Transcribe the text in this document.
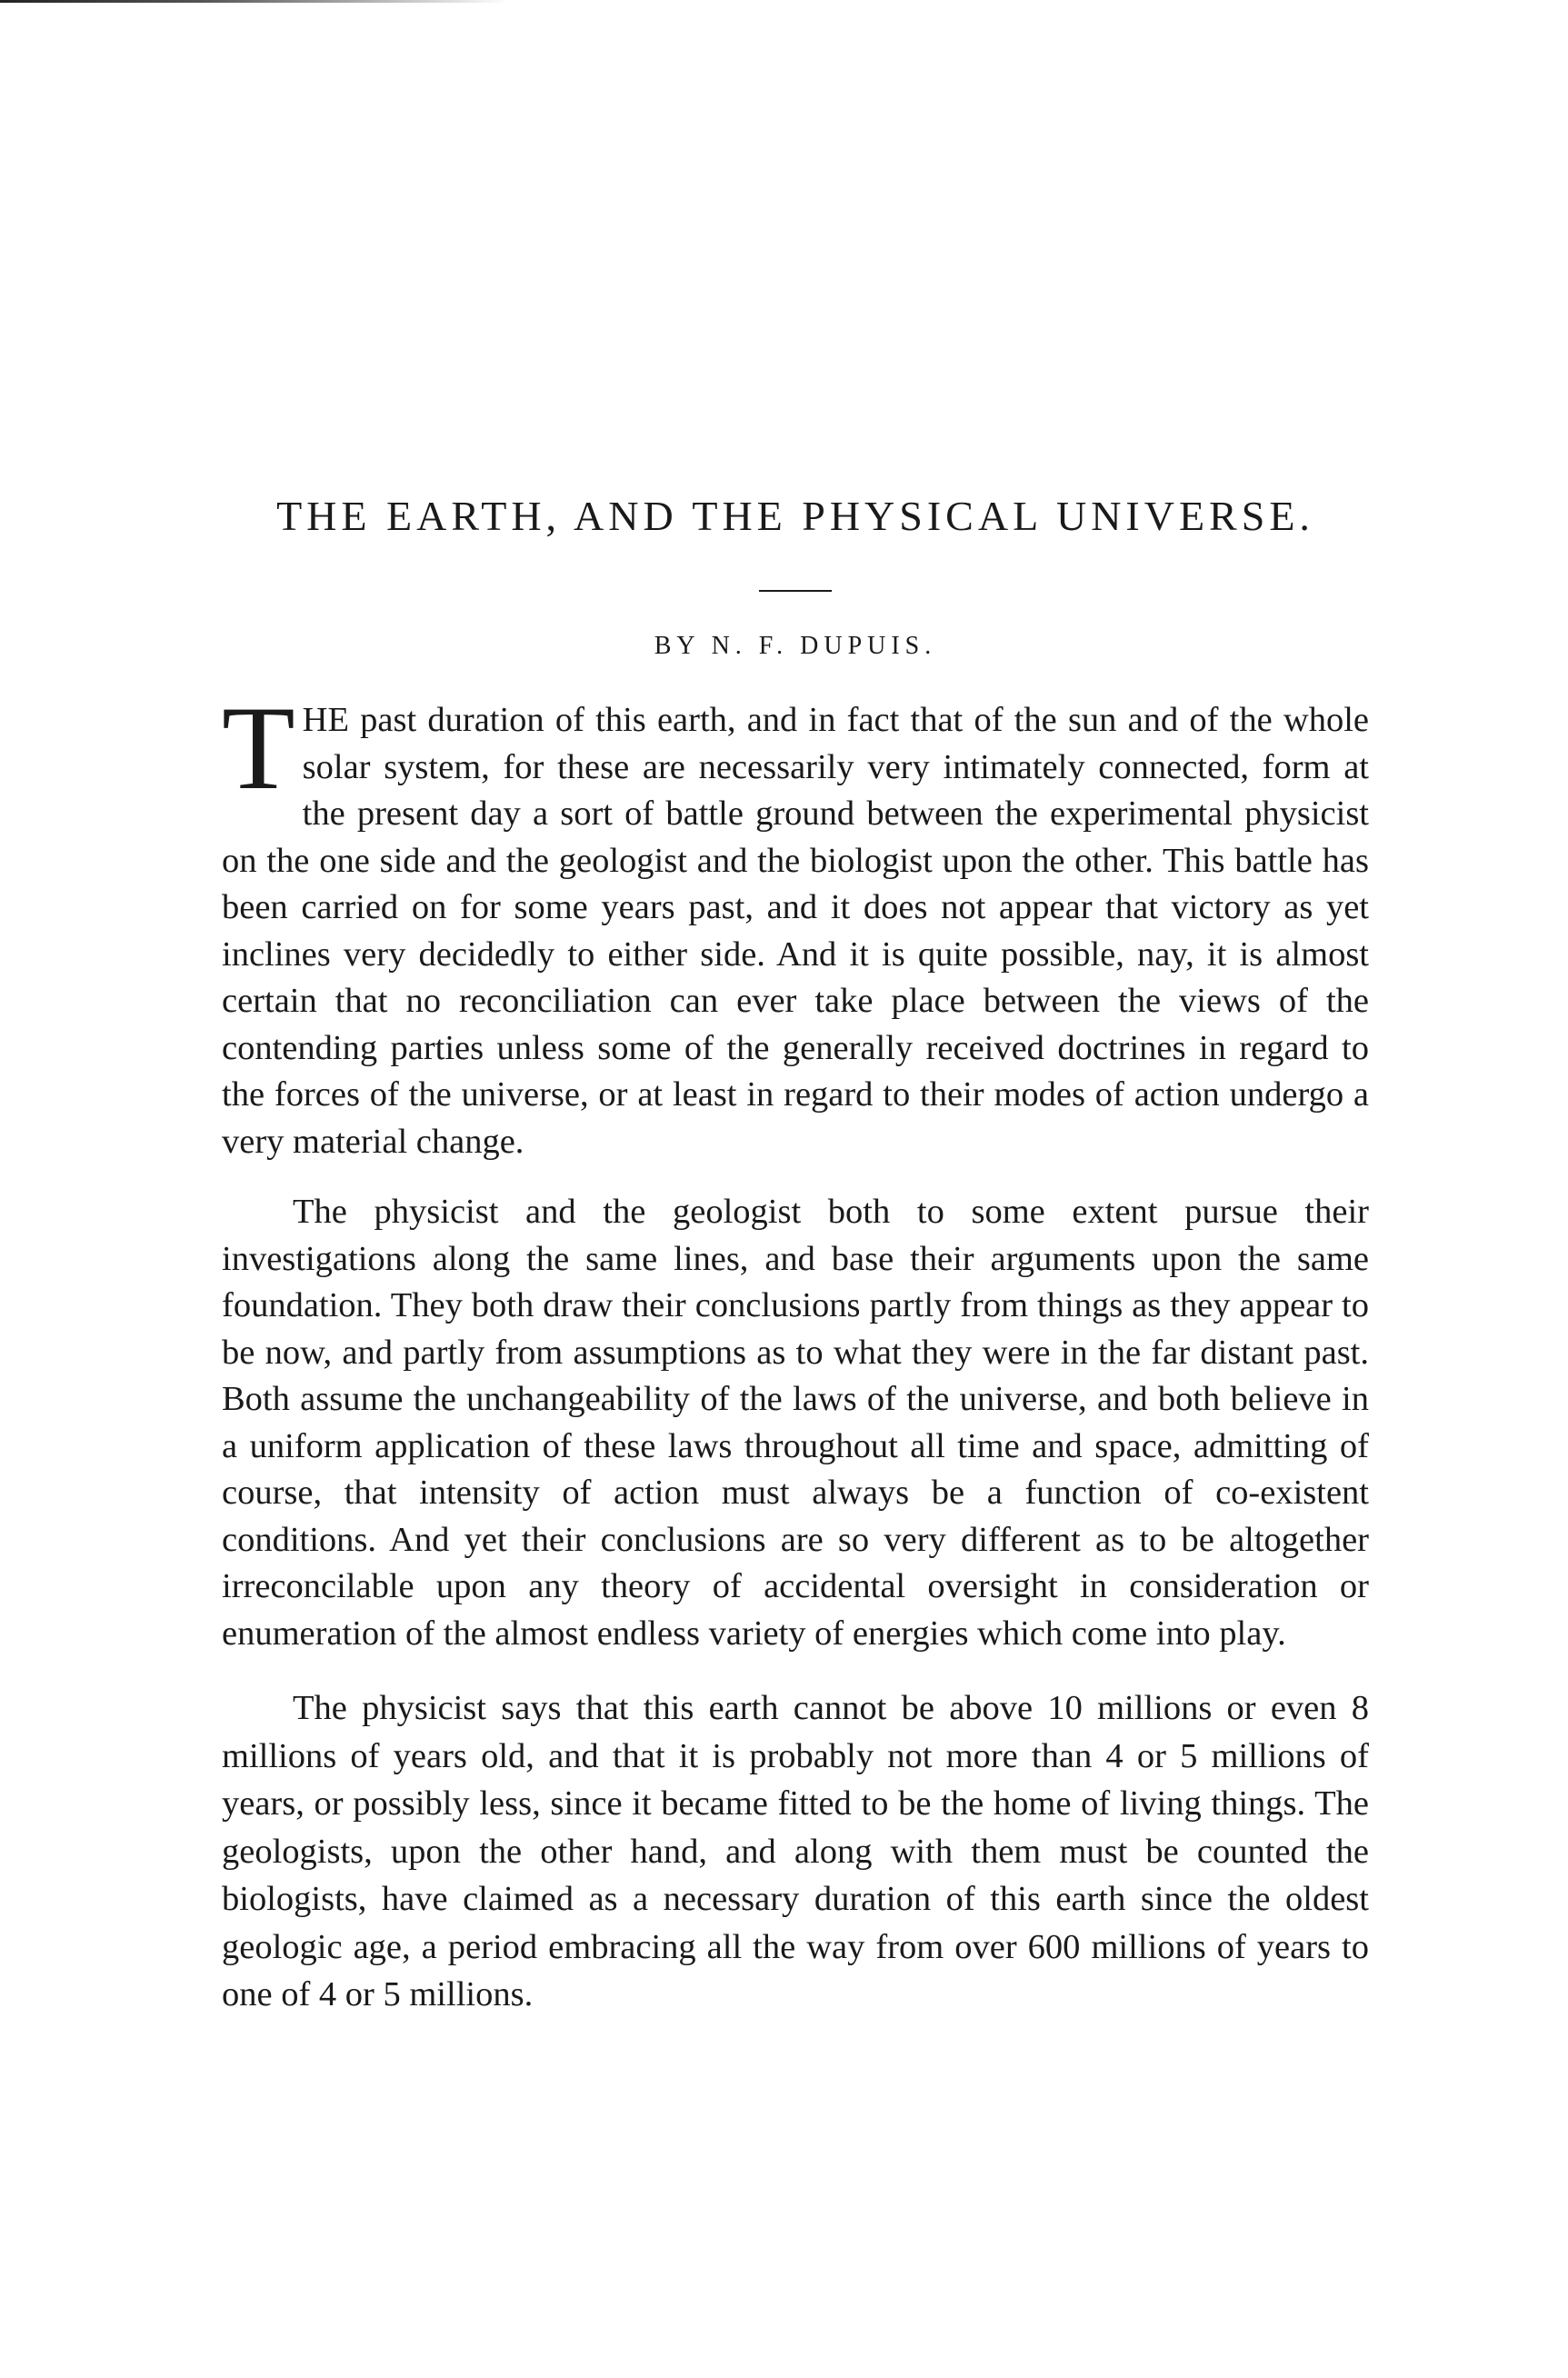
THE EARTH, AND THE PHYSICAL UNIVERSE.
BY N. F. DUPUIS.

THE past duration of this earth, and in fact that of the sun and of the whole solar system, for these are necessarily very intimately connected, form at the present day a sort of battle ground between the experimental physicist on the one side and the geologist and the biologist upon the other. This battle has been carried on for some years past, and it does not appear that victory as yet inclines very decidedly to either side. And it is quite possible, nay, it is almost certain that no reconciliation can ever take place between the views of the contending parties unless some of the generally received doctrines in regard to the forces of the universe, or at least in regard to their modes of action undergo a very material change.

The physicist and the geologist both to some extent pursue their investigations along the same lines, and base their arguments upon the same foundation. They both draw their conclusions partly from things as they appear to be now, and partly from assumptions as to what they were in the far distant past. Both assume the unchangeability of the laws of the universe, and both believe in a uniform application of these laws throughout all time and space, admitting of course, that intensity of action must always be a function of co-existent conditions. And yet their conclusions are so very different as to be altogether irreconcilable upon any theory of accidental oversight in consideration or enumeration of the almost endless variety of energies which come into play.

The physicist says that this earth cannot be above 10 millions or even 8 millions of years old, and that it is probably not more than 4 or 5 millions of years, or possibly less, since it became fitted to be the home of living things. The geologists, upon the other hand, and along with them must be counted the biologists, have claimed as a necessary duration of this earth since the oldest geologic age, a period embracing all the way from over 600 millions of years to one of 4 or 5 millions.
